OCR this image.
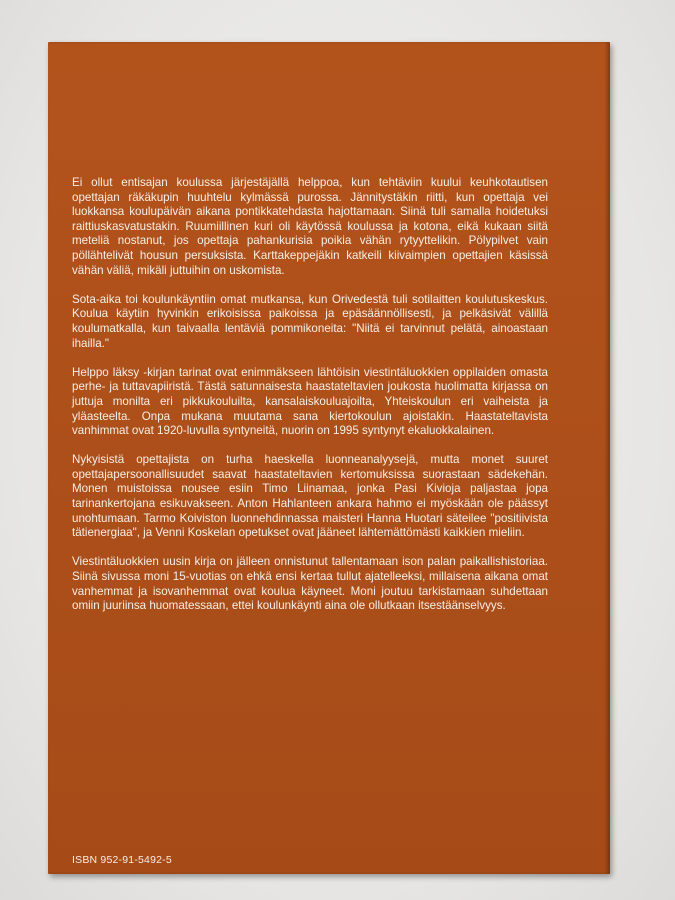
Ei ollut entisajan koulussa järjestäjällä helppoa, kun tehtäviin kuului keuhkotautisen opettajan räkäkupin huuhtelu kylmässä purossa. Jännitystäkin riitti, kun opettaja vei luokkansa koulupäivän aikana pontikkatehdasta hajottamaan. Siinä tuli samalla hoidetuksi raittiuskasvatustakin. Ruumiillinen kuri oli käytössä koulussa ja kotona, eikä kukaan siitä meteliä nostanut, jos opettaja pahankurisia poikia vähän rytyyttelikin. Pölypilvet vain pöllähtelivät housun persuksista. Karttakeppejäkin katkeili kiivaimpien opettajien käsissä vähän väliä, mikäli juttuihin on uskomista.

Sota-aika toi koulunkäyntiin omat mutkansa, kun Orivedestä tuli sotilaitten koulutuskeskus. Koulua käytiin hyvinkin erikoisissa paikoissa ja epäsäännöllisesti, ja pelkäsivät välillä koulumatkalla, kun taivaalla lentäviä pommikoneita: "Niitä ei tarvinnut pelätä, ainoastaan ihailla."

Helppo läksy -kirjan tarinat ovat enimmäkseen lähtöisin viestintäluokkien oppilaiden omasta perhe- ja tuttavapiiristä. Tästä satunnaisesta haastateltavien joukosta huolimatta kirjassa on juttuja monilta eri pikkukouluilta, kansalaiskouluajoilta, Yhteiskoulun eri vaiheista ja yläasteelta. Onpa mukana muutama sana kiertokoulun ajoistakin. Haastateltavista vanhimmat ovat 1920-luvulla syntyneitä, nuorin on 1995 syntynyt ekaluokkalainen.

Nykyisistä opettajista on turha haeskella luonneanalyysejä, mutta monet suuret opettajapersoonallisuudet saavat haastateltavien kertomuksissa suorastaan sädekehän. Monen muistoissa nousee esiin Timo Liinamaa, jonka Pasi Kivioja paljastaa jopa tarinankertojana esikuvakseen. Anton Hahlanteen ankara hahmo ei myöskään ole päässyt unohtumaan. Tarmo Koiviston luonnehdinnassa maisteri Hanna Huotari säteilee "positiivista tätienergiaa", ja Venni Koskelan opetukset ovat jääneet lähtemättömästi kaikkien mieliin.

Viestintäluokkien uusin kirja on jälleen onnistunut tallentamaan ison palan paikallishistoriaa. Siinä sivussa moni 15-vuotias on ehkä ensi kertaa tullut ajatelleeksi, millaisena aikana omat vanhemmat ja isovanhemmat ovat koulua käyneet. Moni joutuu tarkistamaan suhdettaan omiin juuriinsa huomatessaan, ettei koulunkäynti aina ole ollutkaan itsestäänselvyys.

ISBN 952-91-5492-5
